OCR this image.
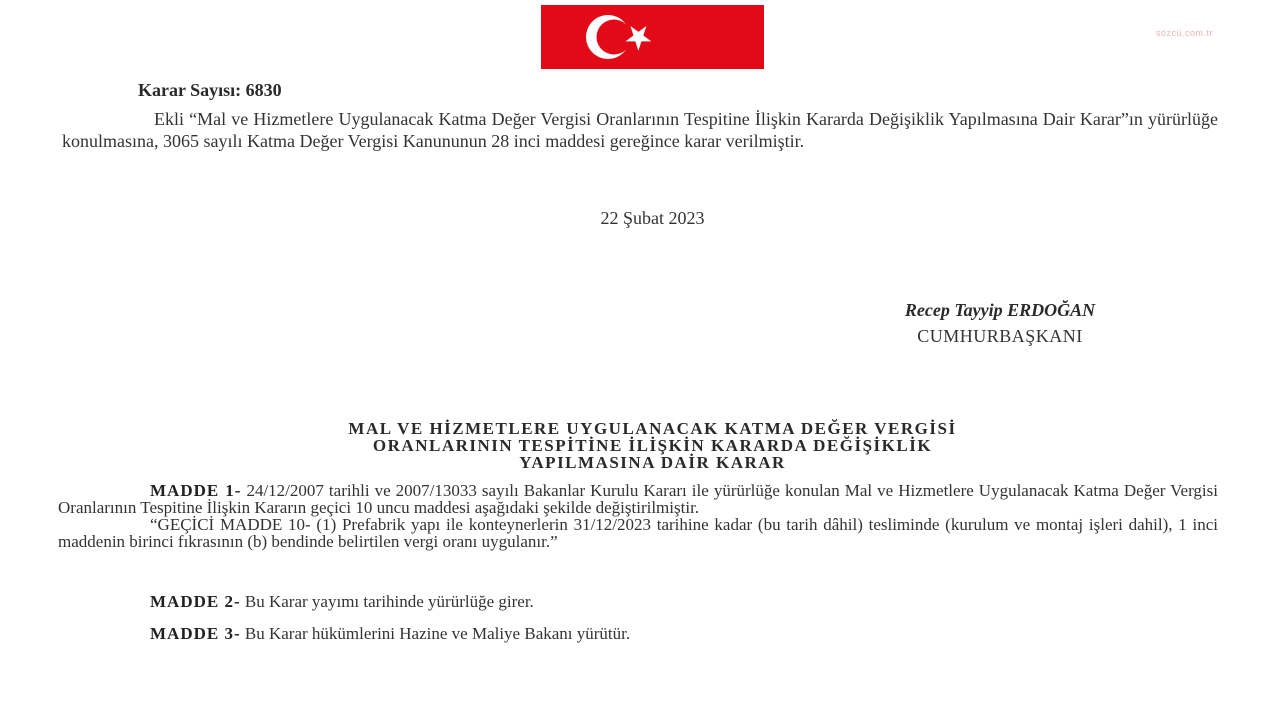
sözcü.com.tr
Karar Sayısı: 6830
Ekli “Mal ve Hizmetlere Uygulanacak Katma Değer Vergisi Oranlarının Tespitine İlişkin Kararda Değişiklik Yapılmasına Dair Karar”ın yürürlüğe konulmasına, 3065 sayılı Katma Değer Vergisi Kanununun 28 inci maddesi gereğince karar verilmiştir.
22 Şubat 2023
Recep Tayyip ERDOĞAN
CUMHURBAŞKANI
MAL VE HİZMETLERE UYGULANACAK KATMA DEĞER VERGİSİ
ORANLARININ TESPİTİNE İLİŞKİN KARARDA DEĞİŞİKLİK
YAPILMASINA DAİR KARAR

MADDE 1- 24/12/2007 tarihli ve 2007/13033 sayılı Bakanlar Kurulu Kararı ile yürürlüğe konulan Mal ve Hizmetlere Uygulanacak Katma Değer Vergisi Oranlarının Tespitine İlişkin Kararın geçici 10 uncu maddesi aşağıdaki şekilde değiştirilmiştir.

“GEÇİCİ MADDE 10- (1) Prefabrik yapı ile konteynerlerin 31/12/2023 tarihine kadar (bu tarih dâhil) tesliminde (kurulum ve montaj işleri dahil), 1 inci maddenin birinci fıkrasının (b) bendinde belirtilen vergi oranı uygulanır.”

MADDE 2- Bu Karar yayımı tarihinde yürürlüğe girer.
MADDE 3- Bu Karar hükümlerini Hazine ve Maliye Bakanı yürütür.
